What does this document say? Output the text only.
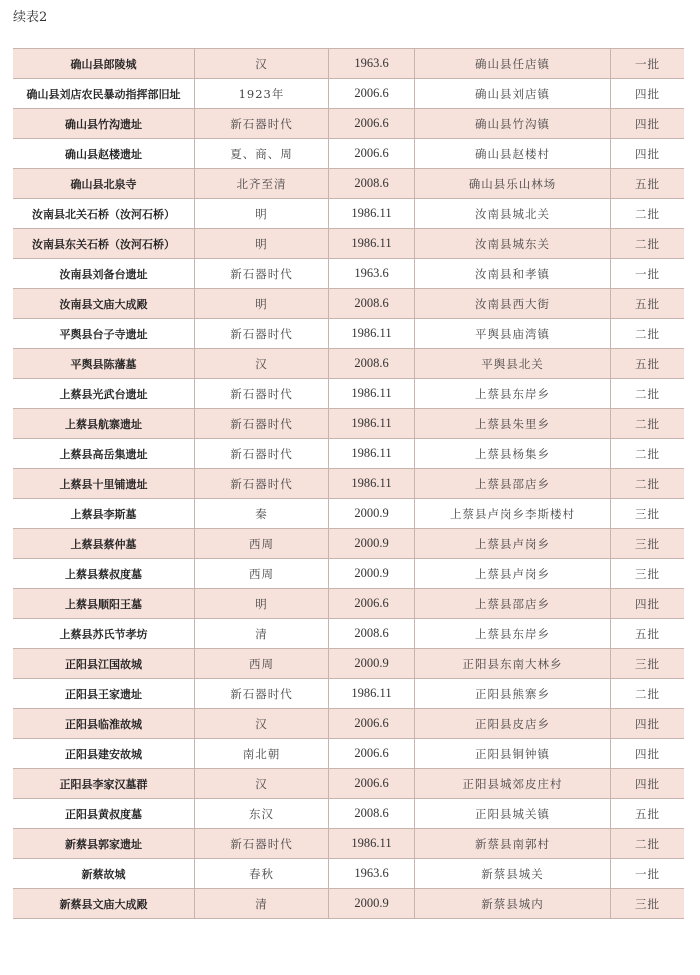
续表2
确山县郎陵城	汉	1963.6	确山县任店镇	一批
确山县刘店农民暴动指挥部旧址	1923年	2006.6	确山县刘店镇	四批
确山县竹沟遗址	新石器时代	2006.6	确山县竹沟镇	四批
确山县赵楼遗址	夏、商、周	2006.6	确山县赵楼村	四批
确山县北泉寺	北齐至清	2008.6	确山县乐山林场	五批
汝南县北关石桥（汝河石桥）	明	1986.11	汝南县城北关	二批
汝南县东关石桥（汝河石桥）	明	1986.11	汝南县城东关	二批
汝南县刘备台遗址	新石器时代	1963.6	汝南县和孝镇	一批
汝南县文庙大成殿	明	2008.6	汝南县西大街	五批
平舆县台子寺遗址	新石器时代	1986.11	平舆县庙湾镇	二批
平舆县陈藩墓	汉	2008.6	平舆县北关	五批
上蔡县光武台遗址	新石器时代	1986.11	上蔡县东岸乡	二批
上蔡县航寨遗址	新石器时代	1986.11	上蔡县朱里乡	二批
上蔡县高岳集遗址	新石器时代	1986.11	上蔡县杨集乡	二批
上蔡县十里铺遗址	新石器时代	1986.11	上蔡县邵店乡	二批
上蔡县李斯墓	秦	2000.9	上蔡县卢岗乡李斯楼村	三批
上蔡县蔡仲墓	西周	2000.9	上蔡县卢岗乡	三批
上蔡县蔡叔度墓	西周	2000.9	上蔡县卢岗乡	三批
上蔡县顺阳王墓	明	2006.6	上蔡县邵店乡	四批
上蔡县苏氏节孝坊	清	2008.6	上蔡县东岸乡	五批
正阳县江国故城	西周	2000.9	正阳县东南大林乡	三批
正阳县王家遗址	新石器时代	1986.11	正阳县熊寨乡	二批
正阳县临淮故城	汉	2006.6	正阳县皮店乡	四批
正阳县建安故城	南北朝	2006.6	正阳县铜钟镇	四批
正阳县李家汉墓群	汉	2006.6	正阳县城郊皮庄村	四批
正阳县黄叔度墓	东汉	2008.6	正阳县城关镇	五批
新蔡县郭家遗址	新石器时代	1986.11	新蔡县南郭村	二批
新蔡故城	春秋	1963.6	新蔡县城关	一批
新蔡县文庙大成殿	清	2000.9	新蔡县城内	三批
